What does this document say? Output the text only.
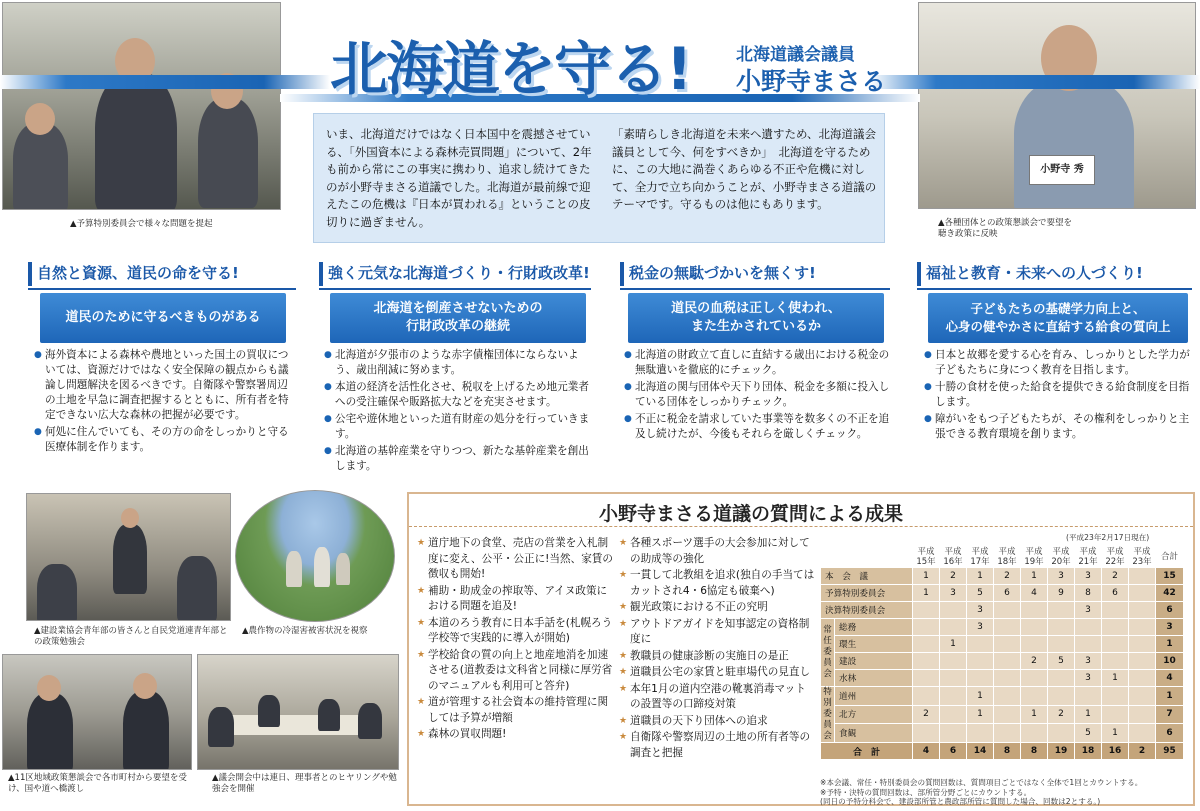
▲予算特別委員会で様々な問題を提起
小野寺 秀
▲各種団体との政策懇談会で要望を聴き政策に反映
北海道を守る!	北海道議会議員
小野寺まさる

いま、北海道だけではなく日本国中を震撼させている、「外国資本による森林売買問題」について、2年も前から常にこの事実に携わり、追求し続けてきたのが小野寺まさる道議でした。北海道が最前線で迎えたこの危機は『日本が買われる』ということの皮切りに過ぎません。

「素晴らしき北海道を未来へ遺すため、北海道議会議員として今、何をすべきか」　北海道を守るために、この大地に渦巻くあらゆる不正や危機に対して、全力で立ち向かうことが、小野寺まさる道議のテーマです。守るものは他にもあります。

自然と資源、道民の命を守る!
道民のために守るべきものがある
● 海外資本による森林や農地といった国土の買収については、資源だけではなく安全保障の観点からも議論し問題解決を図るべきです。自衛隊や警察署周辺の土地を早急に調査把握するとともに、所有者を特定できない広大な森林の把握が必要です。
● 何処に住んでいても、その方の命をしっかりと守る医療体制を作ります。
強く元気な北海道づくり・行財政改革!
北海道を倒産させないための
行財政改革の継続
● 北海道が夕張市のような赤字債権団体にならないよう、歳出削減に努めます。
● 本道の経済を活性化させ、税収を上げるため地元業者への受注確保や販路拡大などを充実させます。
● 公宅や遊休地といった道有財産の処分を行っていきます。
● 北海道の基幹産業を守りつつ、新たな基幹産業を創出します。
税金の無駄づかいを無くす!
道民の血税は正しく使われ、
また生かされているか
● 北海道の財政立て直しに直結する歳出における税金の無駄遣いを徹底的にチェック。
● 北海道の関与団体や天下り団体、税金を多額に投入している団体をしっかりチェック。
● 不正に税金を請求していた事業等を数多くの不正を追及し続けたが、今後もそれらを厳しくチェック。
福祉と教育・未来への人づくり!
子どもたちの基礎学力向上と、
心身の健やかさに直結する給食の質向上
● 日本と故郷を愛する心を育み、しっかりとした学力が子どもたちに身につく教育を目指します。
● 十勝の食材を使った給食を提供できる給食制度を目指します。
● 障がいをもつ子どもたちが、その権利をしっかりと主張できる教育環境を創ります。
▲建設業協会青年部の皆さんと自民党道連青年部との政策勉強会
▲農作物の冷湿害被害状況を視察
▲11区地域政策懇談会で各市町村から要望を受け、国や道へ橋渡し
▲議会開会中は連日、理事者とのヒヤリングや勉強会を開催
小野寺まさる道議の質問による成果
(平成23年2月17日現在)
★ 道庁地下の食堂、売店の営業を入札制度に変え、公平・公正に!当然、家賃の徴収も開始!
★ 補助・助成金の搾取等、アイヌ政策における問題を追及!
★ 本道のろう教育に日本手話を(札幌ろう学校等で実践的に導入が開始)
★ 学校給食の質の向上と地産地消を加速させる(道教委は文科省と同様に厚労省のマニュアルも利用可と答弁)
★ 道が管理する社会資本の維持管理に関しては予算が増額
★ 森林の買収問題!
★ 各種スポーツ選手の大会参加に対しての助成等の強化
★ 一貫して北教組を追求(独自の手当てはカットされ4・6協定も破棄へ)
★ 観光政策における不正の究明
★ アウトドアガイドを知事認定の資格制度に
★ 教職員の健康診断の実施日の是正
★ 道職員公宅の家賃と駐車場代の見直し
★ 本年1月の道内空港の靴裏消毒マットの設置等の口蹄疫対策
★ 道職員の天下り団体への追求
★ 自衛隊や警察周辺の土地の所有者等の調査と把握
		平成15年	平成16年	平成17年	平成18年	平成19年	平成20年	平成21年	平成22年	平成23年	合計
本　会　議		1	2	1	2	1	3	3	2		15
予算特別委員会		1	3	5	6	4	9	8	6		42
決算特別委員会				3				3			6
常任委員会	総務			3							3
	環生		1								1
	建設					2	5	3			10
	水林							3	1		4
特別委員会	道州			1							1
	北方	2		1		1	2	1			7
	食観							5	1		6
合　計		4	6	14	8	8	19	18	16	2	95
※本会議、常任・特別委員会の質問回数は、質問項目ごとではなく全体で1回とカウントする。
※予特・決特の質問回数は、部所管分野ごとにカウントする。
(同日の予特分科会で、建設部所管と農政部所管に質問した場合、回数は2とする。)
